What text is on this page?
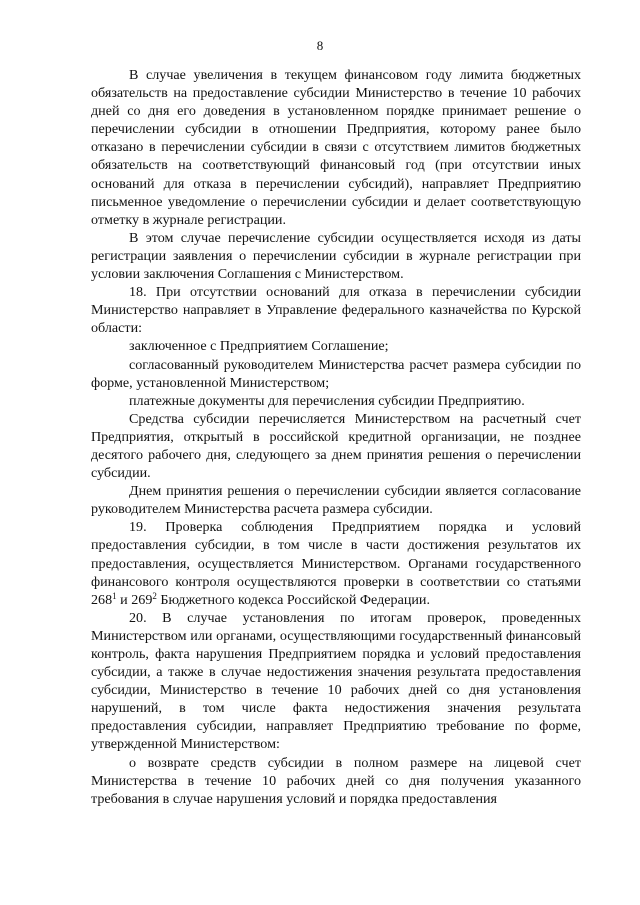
8

В случае увеличения в текущем финансовом году лимита бюджетных обязательств на предоставление субсидии Министерство в течение 10 рабочих дней со дня его доведения в установленном порядке принимает решение о перечислении субсидии в отношении Предприятия, которому ранее было отказано в перечислении субсидии в связи с отсутствием лимитов бюджетных обязательств на соответствующий финансовый год (при отсутствии иных оснований для отказа в перечислении субсидий), направляет Предприятию письменное уведомление о перечислении субсидии и делает соответствующую отметку в журнале регистрации.

В этом случае перечисление субсидии осуществляется исходя из даты регистрации заявления о перечислении субсидии в журнале регистрации при условии заключения Соглашения с Министерством.

18. При отсутствии оснований для отказа в перечислении субсидии Министерство направляет в Управление федерального казначейства по Курской области:

заключенное с Предприятием Соглашение;

согласованный руководителем Министерства расчет размера субсидии по форме, установленной Министерством;

платежные документы для перечисления субсидии Предприятию.

Средства субсидии перечисляется Министерством на расчетный счет Предприятия, открытый в российской кредитной организации, не позднее десятого рабочего дня, следующего за днем принятия решения о перечислении субсидии.

Днем принятия решения о перечислении субсидии является согласование руководителем Министерства расчета размера субсидии.

19. Проверка соблюдения Предприятием порядка и условий предоставления субсидии, в том числе в части достижения результатов их предоставления, осуществляется Министерством. Органами государственного финансового контроля осуществляются проверки в соответствии со статьями $268^1$ и $269^2$ Бюджетного кодекса Российской Федерации.

20. В случае установления по итогам проверок, проведенных Министерством или органами, осуществляющими государственный финансовый контроль, факта нарушения Предприятием порядка и условий предоставления субсидии, а также в случае недостижения значения результата предоставления субсидии, Министерство в течение 10 рабочих дней со дня установления нарушений, в том числе факта недостижения значения результата предоставления субсидии, направляет Предприятию требование по форме, утвержденной Министерством:

о возврате средств субсидии в полном размере на лицевой счет Министерства в течение 10 рабочих дней со дня получения указанного требования в случае нарушения условий и порядка предоставления
